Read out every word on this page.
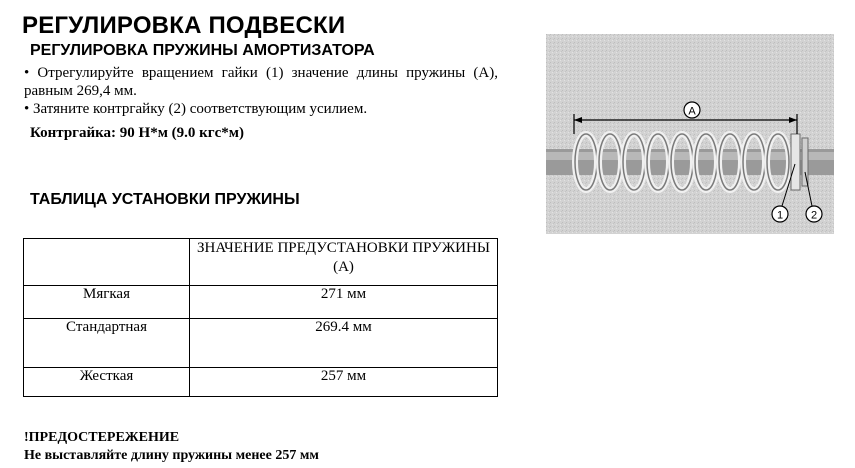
РЕГУЛИРОВКА ПОДВЕСКИ
РЕГУЛИРОВКА ПРУЖИНЫ АМОРТИЗАТОРА
• Отрегулируйте вращением гайки (1) значение длины пружины (A), равным 269,4 мм.
• Затяните контргайку (2) соответствующим усилием.
Контргайка: 90 Н*м (9.0 кгс*м)
ТАБЛИЦА УСТАНОВКИ ПРУЖИНЫ
	ЗНАЧЕНИЕ ПРЕДУСТАНОВКИ ПРУЖИНЫ (A)
Мягкая	271 мм
Стандартная	269.4 мм
Жесткая	257 мм
!ПРЕДОСТЕРЕЖЕНИЕ
Не выставляйте длину пружины менее 257 мм
A
1	2
